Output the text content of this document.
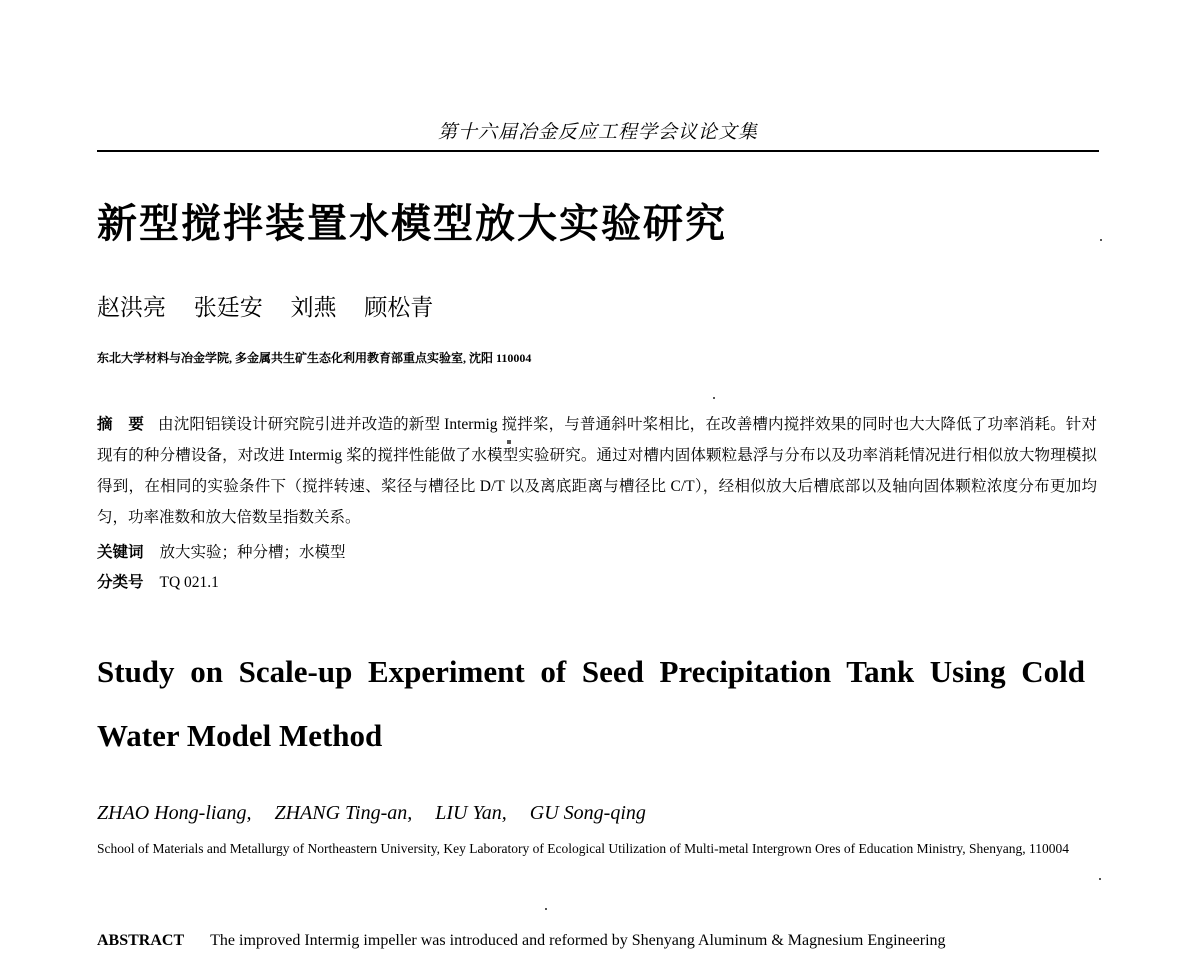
第十六届冶金反应工程学会议论文集
新型搅拌装置水模型放大实验研究
赵洪亮 张廷安 刘燕 顾松青
东北大学材料与冶金学院, 多金属共生矿生态化利用教育部重点实验室, 沈阳 110004

摘　要 由沈阳铝镁设计研究院引进并改造的新型 Intermig 搅拌桨，与普通斜叶桨相比，在改善槽内搅拌效果的同时也大大降低了功率消耗。针对现有的种分槽设备，对改进 Intermig 桨的搅拌性能做了水模型实验研究。通过对槽内固体颗粒悬浮与分布以及功率消耗情况进行相似放大物理模拟得到，在相同的实验条件下（搅拌转速、桨径与槽径比 D/T 以及离底距离与槽径比 C/T），经相似放大后槽底部以及轴向固体颗粒浓度分布更加均匀，功率准数和放大倍数呈指数关系。

关键词 放大实验；种分槽；水模型
分类号 TQ 021.1
Study on Scale-up Experiment of Seed Precipitation Tank Using Cold Water Model Method
ZHAO Hong-liang, ZHANG Ting-an, LIU Yan, GU Song-qing
School of Materials and Metallurgy of Northeastern University, Key Laboratory of Ecological Utilization of Multi-metal Intergrown Ores of Education Ministry, Shenyang, 110004
ABSTRACT The improved Intermig impeller was introduced and reformed by Shenyang Aluminum & Magnesium Engineering
